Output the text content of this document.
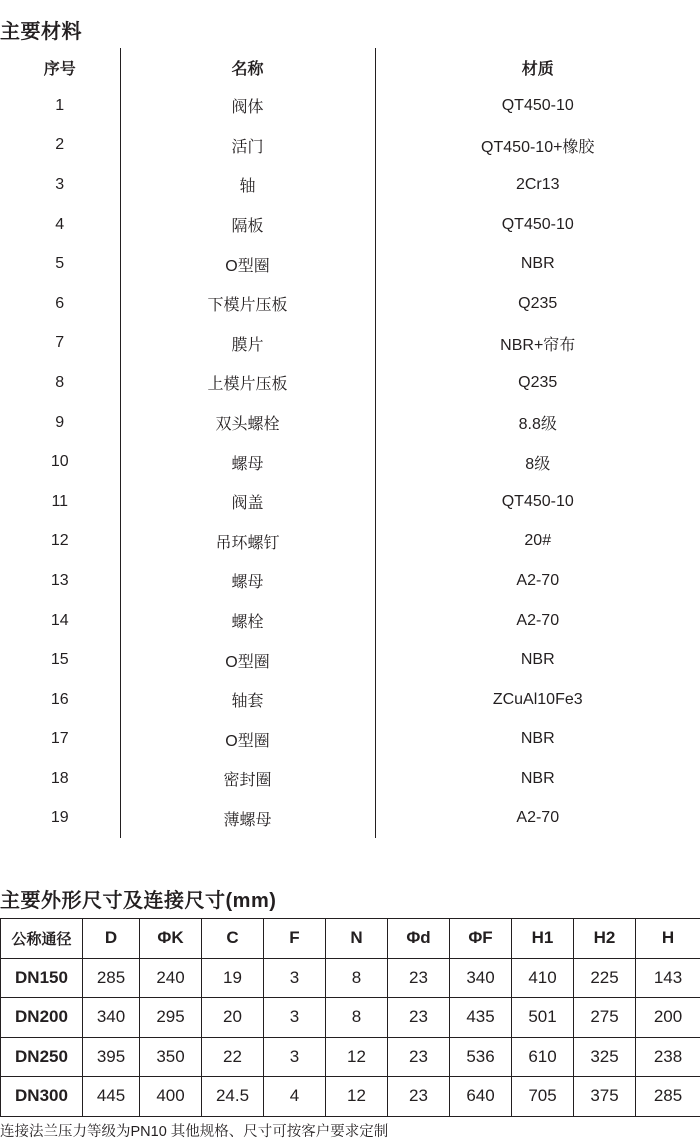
主要材料
序号	名称	材质
1	阀体	QT450-10
2	活门	QT450-10+橡胶
3	轴	2Cr13
4	隔板	QT450-10
5	O型圈	NBR
6	下模片压板	Q235
7	膜片	NBR+帘布
8	上模片压板	Q235
9	双头螺栓	8.8级
10	螺母	8级
11	阀盖	QT450-10
12	吊环螺钉	20#
13	螺母	A2-70
14	螺栓	A2-70
15	O型圈	NBR
16	轴套	ZCuAl10Fe3
17	O型圈	NBR
18	密封圈	NBR
19	薄螺母	A2-70
主要外形尺寸及连接尺寸(mm)
公称通径	D	ΦK	C	F	N	Φd	ΦF	H1	H2	H
DN150	285	240	19	3	8	23	340	410	225	143
DN200	340	295	20	3	8	23	435	501	275	200
DN250	395	350	22	3	12	23	536	610	325	238
DN300	445	400	24.5	4	12	23	640	705	375	285
连接法兰压力等级为PN10 其他规格、尺寸可按客户要求定制
